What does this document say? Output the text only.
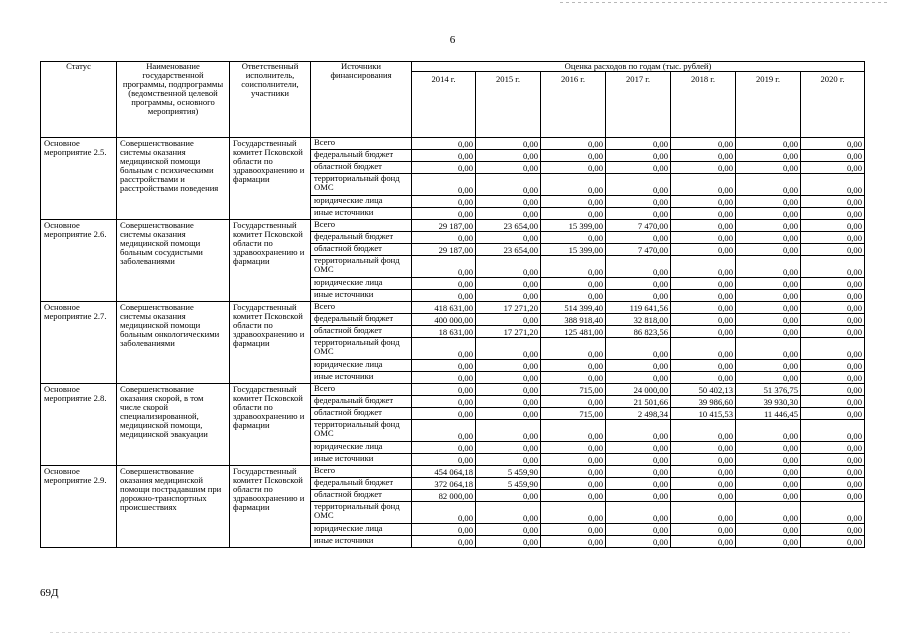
6
Статус	Наименование государственной программы, подпрограммы (ведомственной целевой программы, основного мероприятия)	Ответственный исполнитель, соисполнители, участники	Источники финансирования	Оценка расходов по годам (тыс. рублей)						
				2014 г.	2015 г.	2016 г.	2017 г.	2018 г.	2019 г.	2020 г.
Основное мероприятие 2.5.	Совершенствование системы оказания медицинской помощи больным с психическими расстройствами и расстройствами поведения	Государственный комитет Псковской области по здравоохранению и фармации	Всего	0,00	0,00	0,00	0,00	0,00	0,00	0,00
			федеральный бюджет	0,00	0,00	0,00	0,00	0,00	0,00	0,00
			областной бюджет	0,00	0,00	0,00	0,00	0,00	0,00	0,00
			территориальный фонд ОМС	0,00	0,00	0,00	0,00	0,00	0,00	0,00
			юридические лица	0,00	0,00	0,00	0,00	0,00	0,00	0,00
			иные источники	0,00	0,00	0,00	0,00	0,00	0,00	0,00
Основное мероприятие 2.6.	Совершенствование системы оказания медицинской помощи больным сосудистыми заболеваниями	Государственный комитет Псковской области по здравоохранению и фармации	Всего	29 187,00	23 654,00	15 399,00	7 470,00	0,00	0,00	0,00
			федеральный бюджет	0,00	0,00	0,00	0,00	0,00	0,00	0,00
			областной бюджет	29 187,00	23 654,00	15 399,00	7 470,00	0,00	0,00	0,00
			территориальный фонд ОМС	0,00	0,00	0,00	0,00	0,00	0,00	0,00
			юридические лица	0,00	0,00	0,00	0,00	0,00	0,00	0,00
			иные источники	0,00	0,00	0,00	0,00	0,00	0,00	0,00
Основное мероприятие 2.7.	Совершенствование системы оказания медицинской помощи больным онкологическими заболеваниями	Государственный комитет Псковской области по здравоохранению и фармации	Всего	418 631,00	17 271,20	514 399,40	119 641,56	0,00	0,00	0,00
			федеральный бюджет	400 000,00	0,00	388 918,40	32 818,00	0,00	0,00	0,00
			областной бюджет	18 631,00	17 271,20	125 481,00	86 823,56	0,00	0,00	0,00
			территориальный фонд ОМС	0,00	0,00	0,00	0,00	0,00	0,00	0,00
			юридические лица	0,00	0,00	0,00	0,00	0,00	0,00	0,00
			иные источники	0,00	0,00	0,00	0,00	0,00	0,00	0,00
Основное мероприятие 2.8.	Совершенствование оказания скорой, в том числе скорой специализированной, медицинской помощи, медицинской эвакуации	Государственный комитет Псковской области по здравоохранению и фармации	Всего	0,00	0,00	715,00	24 000,00	50 402,13	51 376,75	0,00
			федеральный бюджет	0,00	0,00	0,00	21 501,66	39 986,60	39 930,30	0,00
			областной бюджет	0,00	0,00	715,00	2 498,34	10 415,53	11 446,45	0,00
			территориальный фонд ОМС	0,00	0,00	0,00	0,00	0,00	0,00	0,00
			юридические лица	0,00	0,00	0,00	0,00	0,00	0,00	0,00
			иные источники	0,00	0,00	0,00	0,00	0,00	0,00	0,00
Основное мероприятие 2.9.	Совершенствование оказания медицинской помощи пострадавшим при дорожно-транспортных происшествиях	Государственный комитет Псковской области по здравоохранению и фармации	Всего	454 064,18	5 459,90	0,00	0,00	0,00	0,00	0,00
			федеральный бюджет	372 064,18	5 459,90	0,00	0,00	0,00	0,00	0,00
			областной бюджет	82 000,00	0,00	0,00	0,00	0,00	0,00	0,00
			территориальный фонд ОМС	0,00	0,00	0,00	0,00	0,00	0,00	0,00
			юридические лица	0,00	0,00	0,00	0,00	0,00	0,00	0,00
			иные источники	0,00	0,00	0,00	0,00	0,00	0,00	0,00
69Д
